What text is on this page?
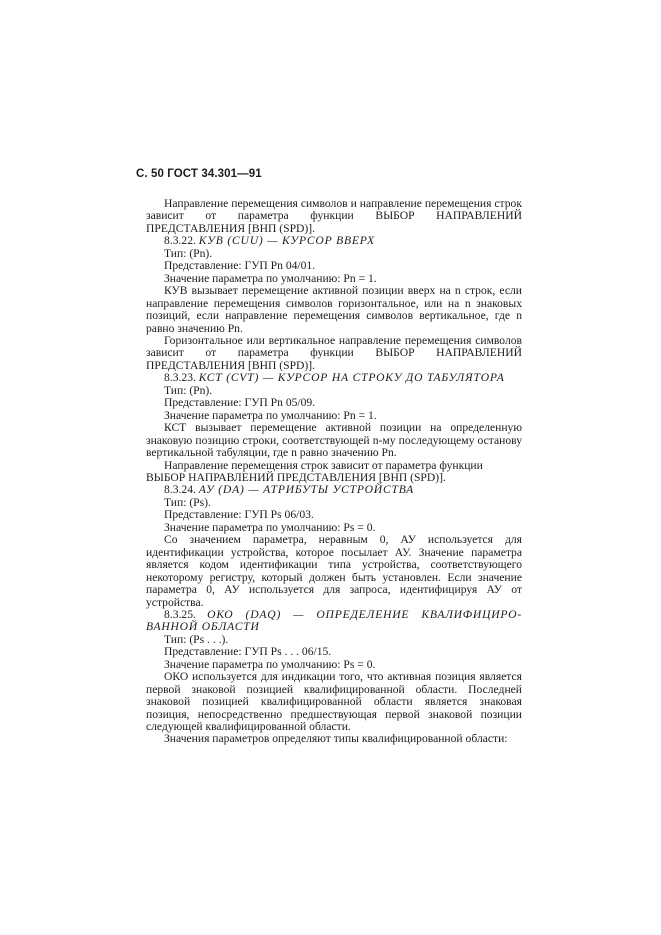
С. 50 ГОСТ 34.301—91

Направление перемещения символов и направление перемещения строк зависит от параметра функции ВЫБОР НАПРАВЛЕНИЙ ПРЕДСТАВЛЕНИЯ [ВНП (SPD)].

8.3.22. КУВ (CUU) — КУРСОР ВВЕРХ

Тип: (Pn).

Представление: ГУП Pn 04/01.

Значение параметра по умолчанию: Pn = 1.

КУВ вызывает перемещение активной позиции вверх на n строк, если направление перемещения символов горизонтальное, или на n знаковых позиций, если направление перемещения символов вертикальное, где n равно значению Pn.

Горизонтальное или вертикальное направление перемещения символов зависит от параметра функции ВЫБОР НАПРАВЛЕНИЙ ПРЕДСТАВЛЕНИЯ [ВНП (SPD)].

8.3.23. КСТ (CVT) — КУРСОР НА СТРОКУ ДО ТАБУЛЯТОРА

Тип: (Pn).

Представление: ГУП Pn 05/09.

Значение параметра по умолчанию: Pn = 1.

КСТ вызывает перемещение активной позиции на определенную знаковую позицию строки, соответствующей n-му последующему останову вертикальной табуляции, где n равно значению Pn.

Направление перемещения строк зависит от параметра функции

ВЫБОР НАПРАВЛЕНИЙ ПРЕДСТАВЛЕНИЯ [ВНП (SPD)].

8.3.24. АУ (DA) — АТРИБУТЫ УСТРОЙСТВА

Тип: (Ps).

Представление: ГУП Ps 06/03.

Значение параметра по умолчанию: Ps = 0.

Со значением параметра, неравным 0, АУ используется для идентификации устройства, которое посылает АУ. Значение параметра является кодом идентификации типа устройства, соответствующего некоторому регистру, который должен быть установлен. Если значение параметра 0, АУ используется для запроса, идентифицируя АУ от устройства.

8.3.25. ОКО (DAQ) — ОПРЕДЕЛЕНИЕ КВАЛИФИЦИРО-

ВАННОЙ ОБЛАСТИ

Тип: (Ps . . .).

Представление: ГУП Ps . . . 06/15.

Значение параметра по умолчанию: Ps = 0.

ОКО используется для индикации того, что активная позиция является первой знаковой позицией квалифицированной области. Последней знаковой позицией квалифицированной области является знаковая позиция, непосредственно предшествующая первой знаковой позиции следующей квалифицированной области.

Значения параметров определяют типы квалифицированной области:
